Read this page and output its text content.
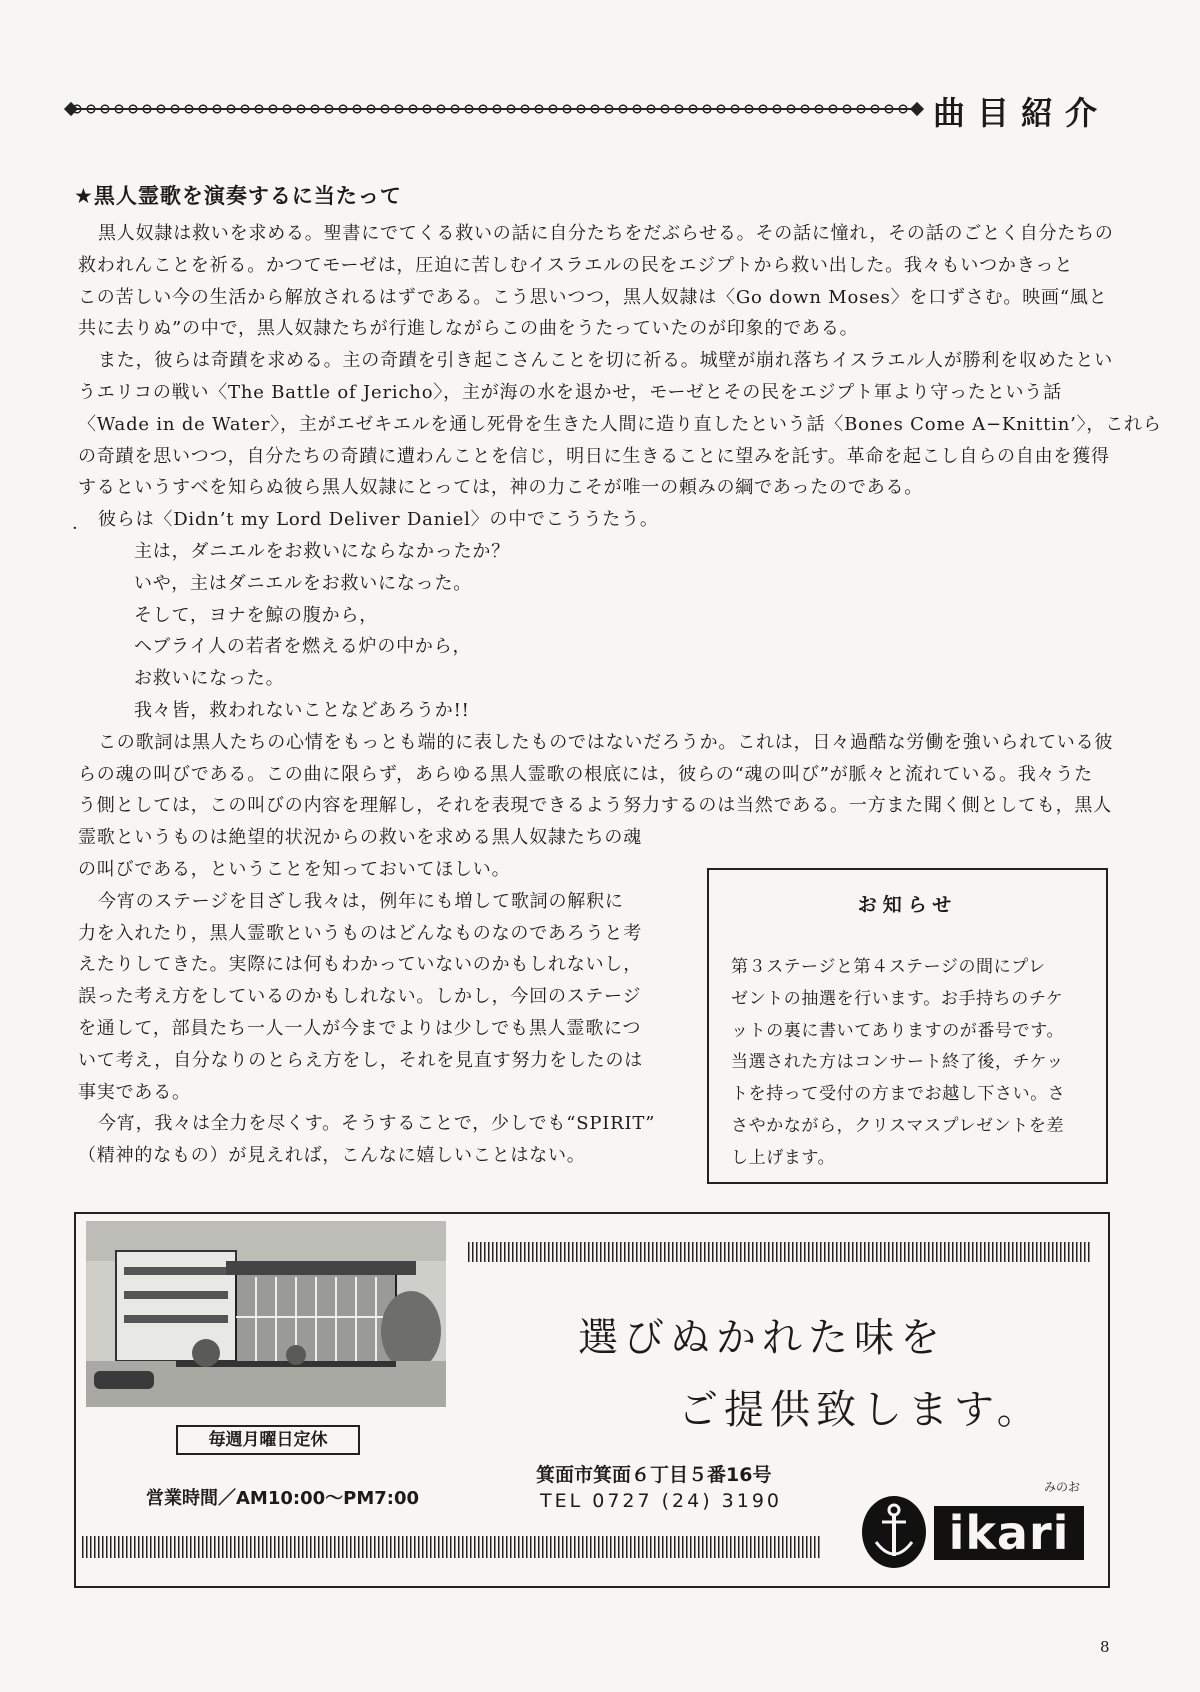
曲目紹介
★黒人霊歌を演奏するに当たって
·
黒人奴隷は救いを求める。聖書にでてくる救いの話に自分たちをだぶらせる。その話に憧れ，その話のごとく自分たちの
救われんことを祈る。かつてモーゼは，圧迫に苦しむイスラエルの民をエジプトから救い出した。我々もいつかきっと
この苦しい今の生活から解放されるはずである。こう思いつつ，黒人奴隷は〈Go down Moses〉を口ずさむ。映画“風と
共に去りぬ”の中で，黒人奴隷たちが行進しながらこの曲をうたっていたのが印象的である。
また，彼らは奇蹟を求める。主の奇蹟を引き起こさんことを切に祈る。城壁が崩れ落ちイスラエル人が勝利を収めたとい
うエリコの戦い〈The Battle of Jericho〉，主が海の水を退かせ，モーゼとその民をエジプト軍より守ったという話
〈Wade in de Water〉，主がエゼキエルを通し死骨を生きた人間に造り直したという話〈Bones Come A−Knittin’〉，これら
の奇蹟を思いつつ，自分たちの奇蹟に遭わんことを信じ，明日に生きることに望みを託す。革命を起こし自らの自由を獲得
するというすべを知らぬ彼ら黒人奴隷にとっては，神の力こそが唯一の頼みの綱であったのである。
彼らは〈Didn’t my Lord Deliver Daniel〉の中でこううたう。
主は，ダニエルをお救いにならなかったか？
いや，主はダニエルをお救いになった。
そして，ヨナを鯨の腹から，
ヘブライ人の若者を燃える炉の中から，
お救いになった。
我々皆，救われないことなどあろうか!!
この歌詞は黒人たちの心情をもっとも端的に表したものではないだろうか。これは，日々過酷な労働を強いられている彼
らの魂の叫びである。この曲に限らず，あらゆる黒人霊歌の根底には，彼らの“魂の叫び”が脈々と流れている。我々うた
う側としては，この叫びの内容を理解し，それを表現できるよう努力するのは当然である。一方また聞く側としても，黒人
霊歌というものは絶望的状況からの救いを求める黒人奴隷たちの魂
の叫びである，ということを知っておいてほしい。
今宵のステージを目ざし我々は，例年にも増して歌詞の解釈に
力を入れたり，黒人霊歌というものはどんなものなのであろうと考
えたりしてきた。実際には何もわかっていないのかもしれないし，
誤った考え方をしているのかもしれない。しかし，今回のステージ
を通して，部員たち一人一人が今までよりは少しでも黒人霊歌につ
いて考え，自分なりのとらえ方をし，それを見直す努力をしたのは
事実である。
今宵，我々は全力を尽くす。そうすることで，少しでも“SPIRIT”
（精神的なもの）が見えれば，こんなに嬉しいことはない。
お知らせ
第３ステージと第４ステージの間にプレ
ゼントの抽選を行います。お手持ちのチケ
ットの裏に書いてありますのが番号です。
当選された方はコンサート終了後，チケッ
トを持って受付の方までお越し下さい。さ
さやかながら，クリスマスプレゼントを差
し上げます。
毎週月曜日定休
営業時間／AM10:00〜PM7:00
選びぬかれた味を
ご提供致します。
箕面市箕面６丁目５番16号
TEL 0727 (24) 3190
みのお
ikari
8
